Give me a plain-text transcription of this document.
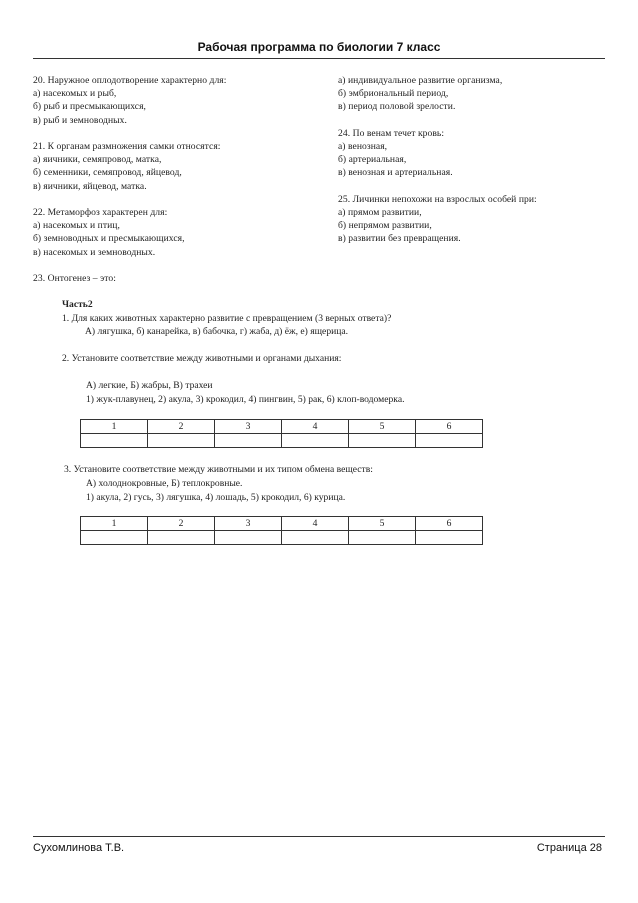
Рабочая программа по биологии 7 класс
20. Наружное оплодотворение характерно для:
а) насекомых и рыб,
б) рыб и пресмыкающихся,
в) рыб и земноводных.
21. К органам размножения самки относятся:
а) яичники, семяпровод, матка,
б) семенники, семяпровод, яйцевод,
в) яичники, яйцевод, матка.
22. Метаморфоз характерен для:
а) насекомых и птиц,
б) земноводных и пресмыкающихся,
в) насекомых и земноводных.
23. Онтогенез – это:
а) индивидуальное развитие организма,
б) эмбриональный период,
в) период половой зрелости.
24. По венам течет кровь:
а) венозная,
б) артериальная,
в) венозная и артериальная.
25. Личинки непохожи на взрослых особей при:
а) прямом развитии,
б) непрямом развитии,
в) развитии без превращения.
Часть2
1. Для каких животных характерно развитие с превращением (3 верных ответа)?
А) лягушка, б) канарейка, в) бабочка, г) жаба, д) ёж, е) ящерица.
2. Установите соответствие между животными и органами дыхания:
А) легкие, Б) жабры, В) трахеи
1) жук-плавунец, 2) акула, 3) крокодил, 4) пингвин, 5) рак, 6) клоп-водомерка.
1	2	3	4	5	6

3. Установите соответствие между животными и их типом обмена веществ:
А) холоднокровные, Б) теплокровные.
1) акула, 2) гусь, 3) лягушка, 4) лошадь, 5) крокодил, 6) курица.
1	2	3	4	5	6

Сухомлинова Т.В.	Страница 28
